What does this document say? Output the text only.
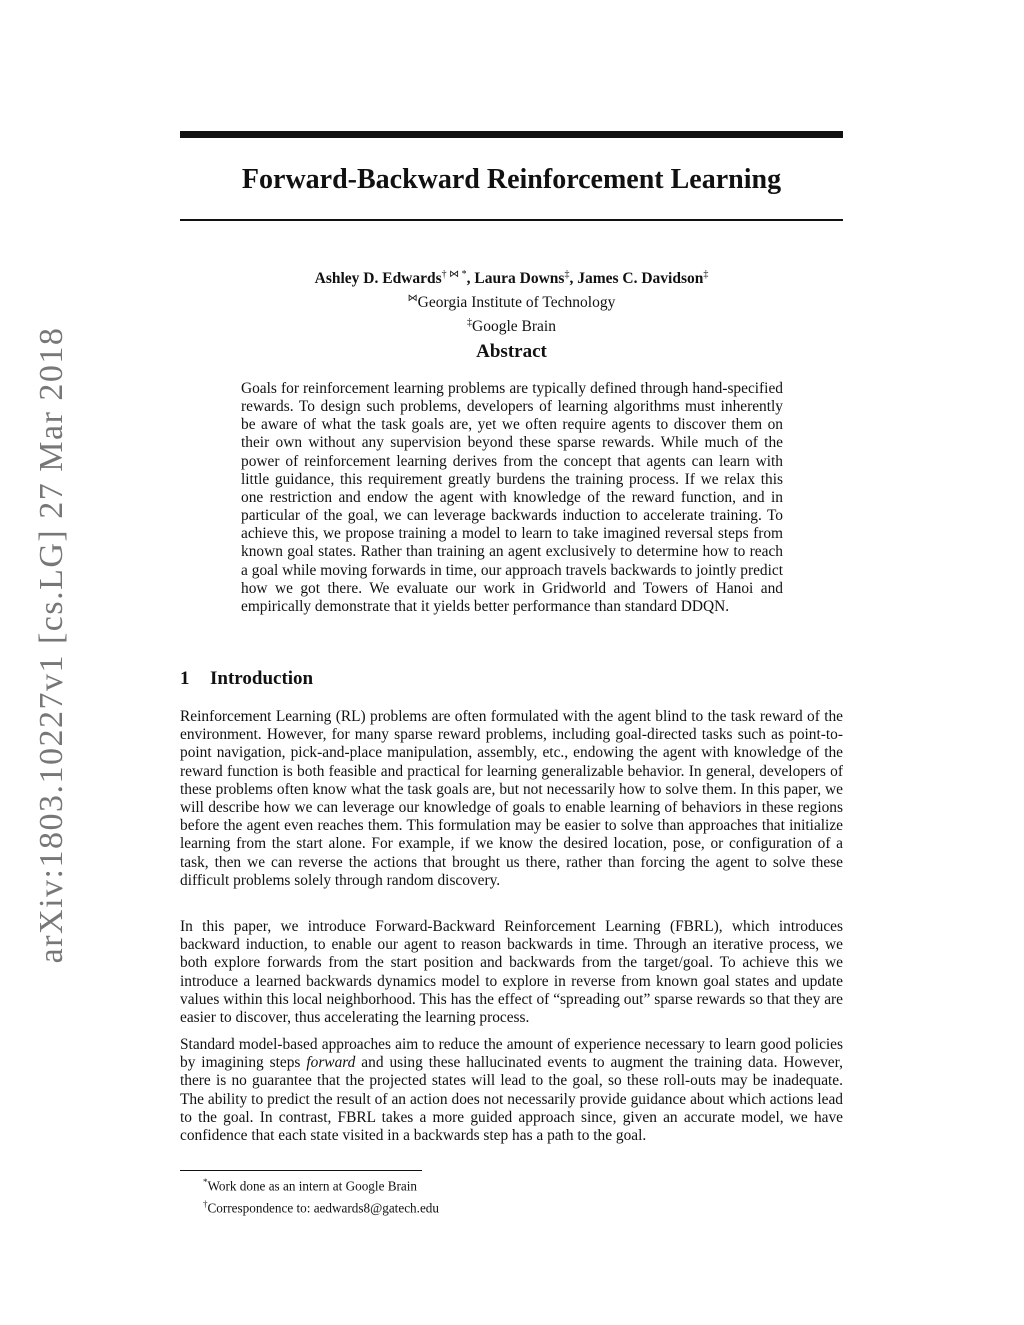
arXiv:1803.10227v1 [cs.LG] 27 Mar 2018
Forward-Backward Reinforcement Learning
Ashley D. Edwards† ⋈ *, Laura Downs‡, James C. Davidson‡
⋈Georgia Institute of Technology
‡Google Brain
Abstract

Goals for reinforcement learning problems are typically defined through hand-specified rewards. To design such problems, developers of learning algorithms must inherently be aware of what the task goals are, yet we often require agents to discover them on their own without any supervision beyond these sparse rewards. While much of the power of reinforcement learning derives from the concept that agents can learn with little guidance, this requirement greatly burdens the training process. If we relax this one restriction and endow the agent with knowledge of the reward function, and in particular of the goal, we can leverage backwards induction to accelerate training. To achieve this, we propose training a model to learn to take imagined reversal steps from known goal states. Rather than training an agent exclusively to determine how to reach a goal while moving forwards in time, our approach travels backwards to jointly predict how we got there. We evaluate our work in Gridworld and Towers of Hanoi and empirically demonstrate that it yields better performance than standard DDQN.

1 Introduction

Reinforcement Learning (RL) problems are often formulated with the agent blind to the task reward of the environment. However, for many sparse reward problems, including goal-directed tasks such as point-to-point navigation, pick-and-place manipulation, assembly, etc., endowing the agent with knowledge of the reward function is both feasible and practical for learning generalizable behavior. In general, developers of these problems often know what the task goals are, but not necessarily how to solve them. In this paper, we will describe how we can leverage our knowledge of goals to enable learning of behaviors in these regions before the agent even reaches them. This formulation may be easier to solve than approaches that initialize learning from the start alone. For example, if we know the desired location, pose, or configuration of a task, then we can reverse the actions that brought us there, rather than forcing the agent to solve these difficult problems solely through random discovery.

In this paper, we introduce Forward-Backward Reinforcement Learning (FBRL), which introduces backward induction, to enable our agent to reason backwards in time. Through an iterative process, we both explore forwards from the start position and backwards from the target/goal. To achieve this we introduce a learned backwards dynamics model to explore in reverse from known goal states and update values within this local neighborhood. This has the effect of “spreading out” sparse rewards so that they are easier to discover, thus accelerating the learning process.

Standard model-based approaches aim to reduce the amount of experience necessary to learn good policies by imagining steps forward and using these hallucinated events to augment the training data. However, there is no guarantee that the projected states will lead to the goal, so these roll-outs may be inadequate. The ability to predict the result of an action does not necessarily provide guidance about which actions lead to the goal. In contrast, FBRL takes a more guided approach since, given an accurate model, we have confidence that each state visited in a backwards step has a path to the goal.

*Work done as an intern at Google Brain
†Correspondence to: aedwards8@gatech.edu
